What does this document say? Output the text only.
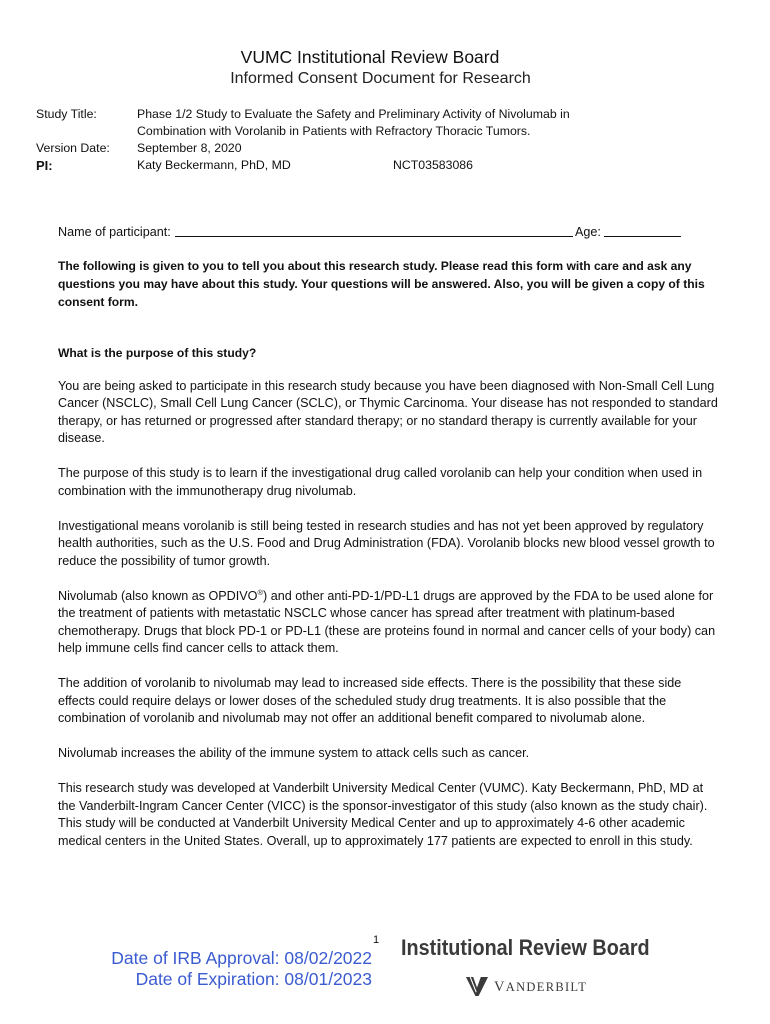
VUMC Institutional Review Board
Informed Consent Document for Research
Study Title:	Phase 1/2 Study to Evaluate the Safety and Preliminary Activity of Nivolumab in
Combination with Vorolanib in Patients with Refractory Thoracic Tumors.
Version Date: September 8, 2020
PI:	Katy Beckermann, PhD, MD	NCT03583086
Name of participant:	Age:
The following is given to you to tell you about this research study. Please read this form with care and ask any
questions you may have about this study. Your questions will be answered. Also, you will be given a copy of this
consent form.
What is the purpose of this study?
You are being asked to participate in this research study because you have been diagnosed with Non-Small Cell Lung
Cancer (NSCLC), Small Cell Lung Cancer (SCLC), or Thymic Carcinoma. Your disease has not responded to standard
therapy, or has returned or progressed after standard therapy; or no standard therapy is currently available for your
disease.
The purpose of this study is to learn if the investigational drug called vorolanib can help your condition when used in
combination with the immunotherapy drug nivolumab.
Investigational means vorolanib is still being tested in research studies and has not yet been approved by regulatory
health authorities, such as the U.S. Food and Drug Administration (FDA). Vorolanib blocks new blood vessel growth to
reduce the possibility of tumor growth.
Nivolumab (also known as OPDIVO®) and other anti-PD-1/PD-L1 drugs are approved by the FDA to be used alone for
the treatment of patients with metastatic NSCLC whose cancer has spread after treatment with platinum-based
chemotherapy. Drugs that block PD-1 or PD-L1 (these are proteins found in normal and cancer cells of your body) can
help immune cells find cancer cells to attack them.
The addition of vorolanib to nivolumab may lead to increased side effects. There is the possibility that these side
effects could require delays or lower doses of the scheduled study drug treatments. It is also possible that the
combination of vorolanib and nivolumab may not offer an additional benefit compared to nivolumab alone.
Nivolumab increases the ability of the immune system to attack cells such as cancer.
This research study was developed at Vanderbilt University Medical Center (VUMC). Katy Beckermann, PhD, MD at
the Vanderbilt-Ingram Cancer Center (VICC) is the sponsor-investigator of this study (also known as the study chair).
This study will be conducted at Vanderbilt University Medical Center and up to approximately 4-6 other academic
medical centers in the United States. Overall, up to approximately 177 patients are expected to enroll in this study.
1
Date of IRB Approval: 08/02/2022
Date of Expiration: 08/01/2023
Institutional Review Board
VANDERBILT
